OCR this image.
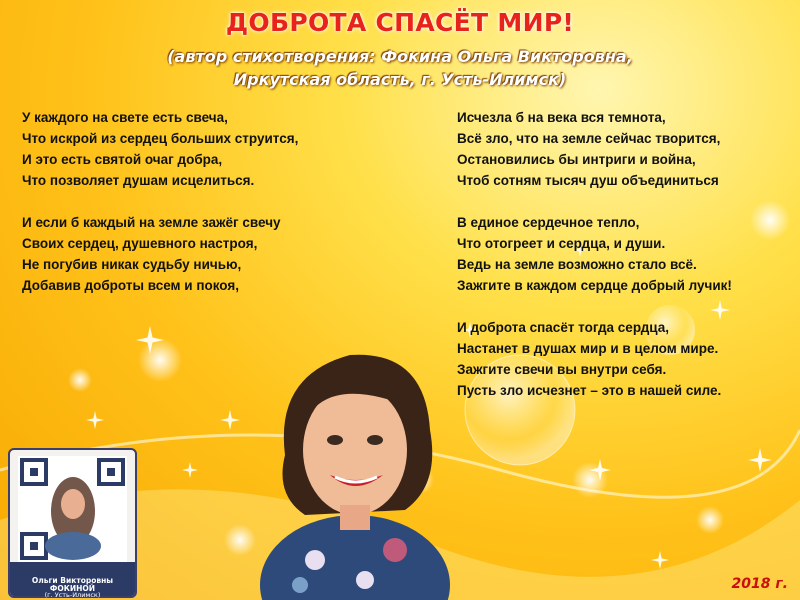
ДОБРОТА СПАСЁТ МИР!
(автор стихотворения: Фокина Ольга Викторовна,
Иркутская область, г. Усть-Илимск)
У каждого на свете есть свеча,
Что искрой из сердец больших струится,
И это есть святой очаг добра,
Что позволяет душам исцелиться.
И если б каждый на земле зажёг свечу
Своих сердец, душевного настроя,
Не погубив никак судьбу ничью,
Добавив доброты всем и покоя,
Исчезла б на века вся темнота,
Всё зло, что на земле сейчас творится,
Остановились бы интриги и война,
Чтоб сотням тысяч душ объединиться
В единое сердечное тепло,
Что отогреет и сердца, и души.
Ведь на земле возможно стало всё.
Зажгите в каждом сердце добрый лучик!
И доброта спасёт тогда сердца,
Настанет в душах мир и в целом мире.
Зажгите свечи вы внутри себя.
Пусть зло исчезнет – это в нашей силе.
Ольги Викторовны
ФОКИНОЙ
(г. Усть-Илимск)
2018 г.
